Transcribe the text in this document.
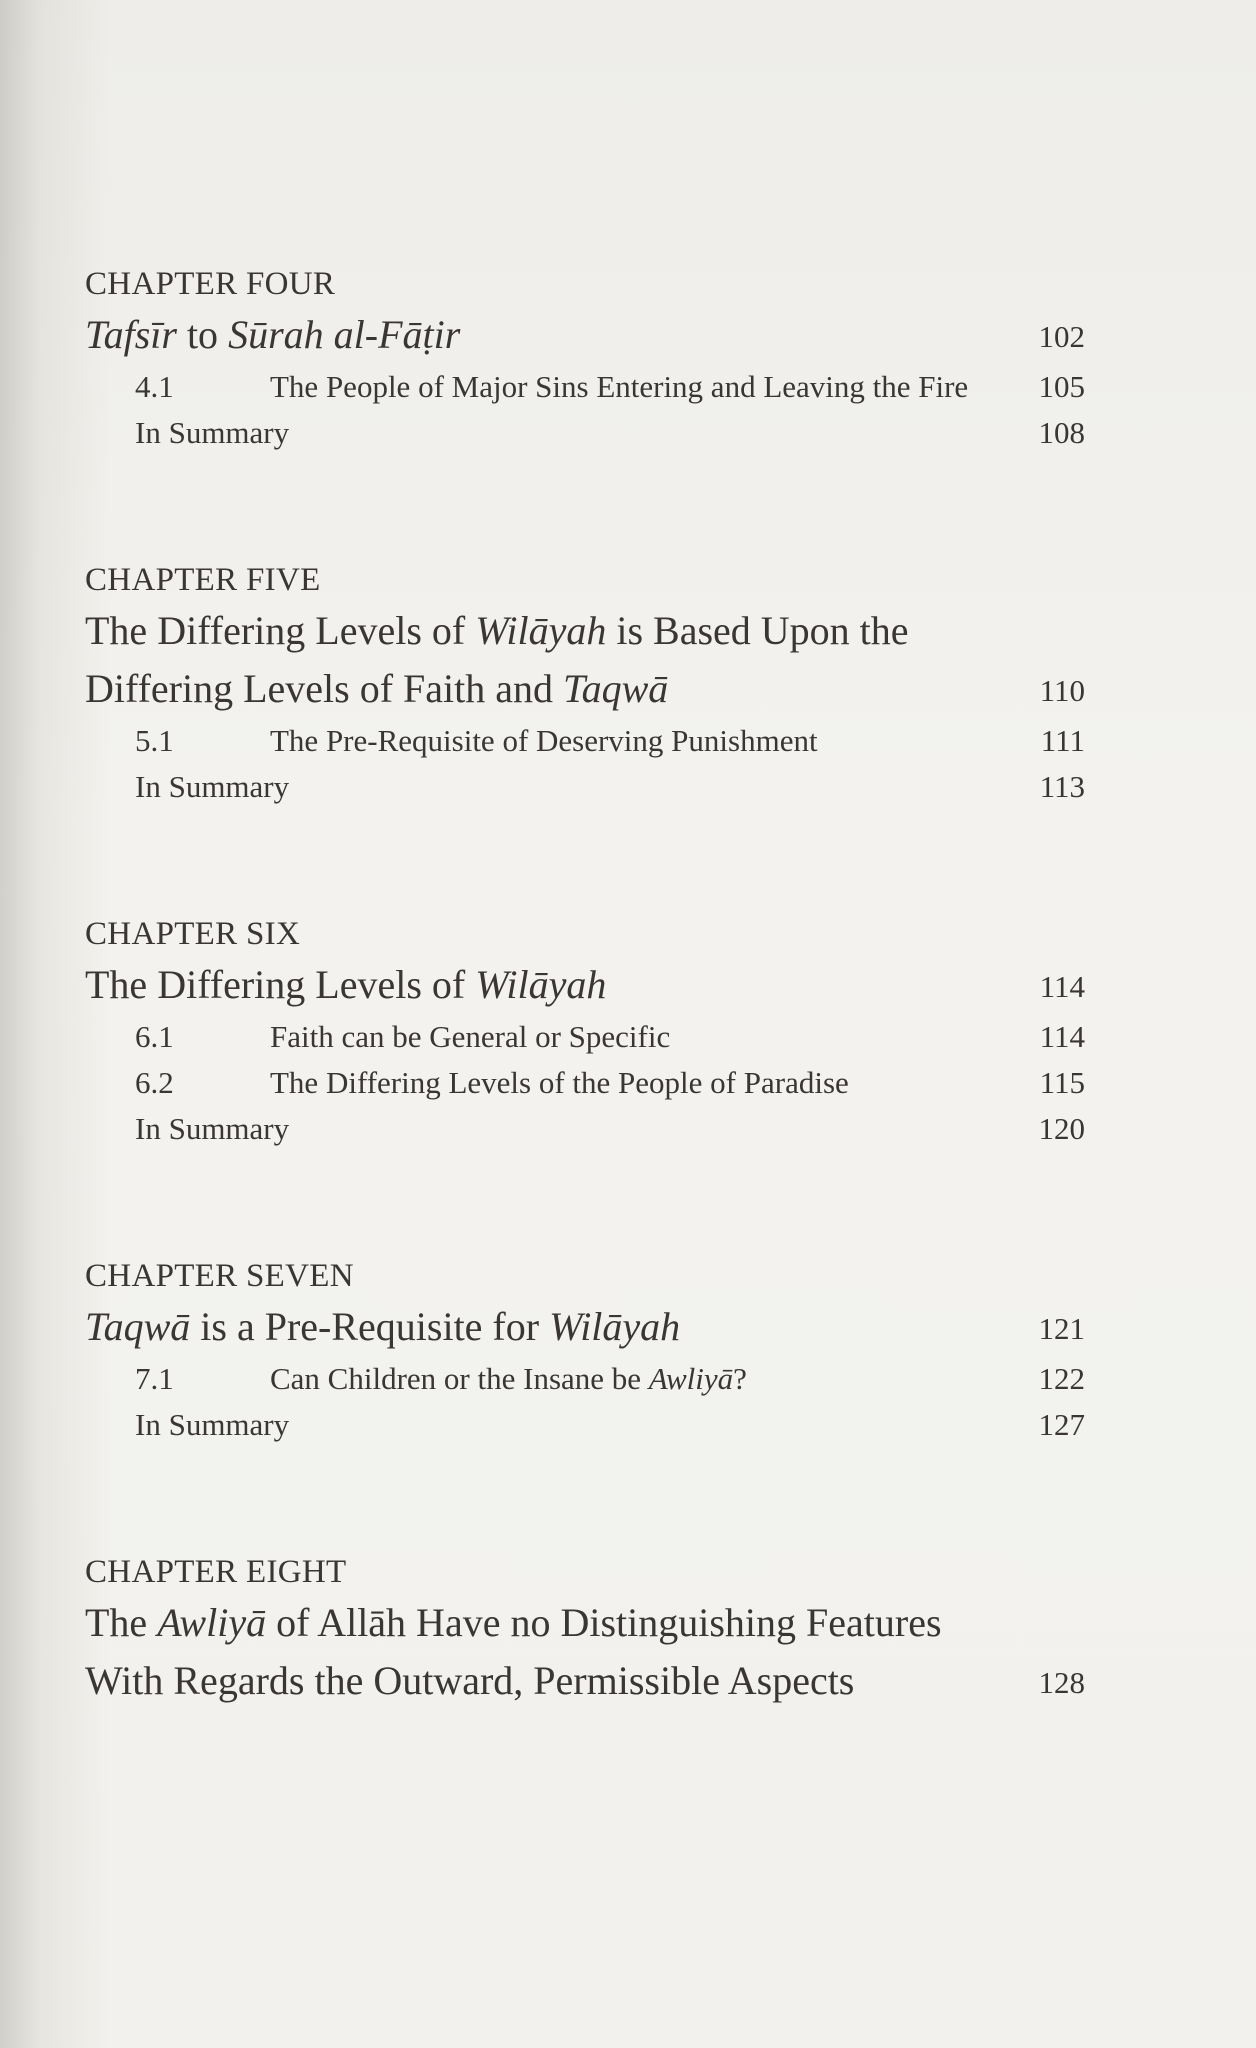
CHAPTER FOUR
Tafsīr to Sūrah al-Fāṭir	102
4.1	The People of Major Sins Entering and Leaving the Fire	105
In Summary	108
CHAPTER FIVE
The Differing Levels of Wilāyah is Based Upon the Differing Levels of Faith and Taqwā	110
5.1	The Pre-Requisite of Deserving Punishment	111
In Summary	113
CHAPTER SIX
The Differing Levels of Wilāyah	114
6.1	Faith can be General or Specific	114
6.2	The Differing Levels of the People of Paradise	115
In Summary	120
CHAPTER SEVEN
Taqwā is a Pre-Requisite for Wilāyah	121
7.1	Can Children or the Insane be Awliyā?	122
In Summary	127
CHAPTER EIGHT
The Awliyā of Allāh Have no Distinguishing Features With Regards the Outward, Permissible Aspects	128
